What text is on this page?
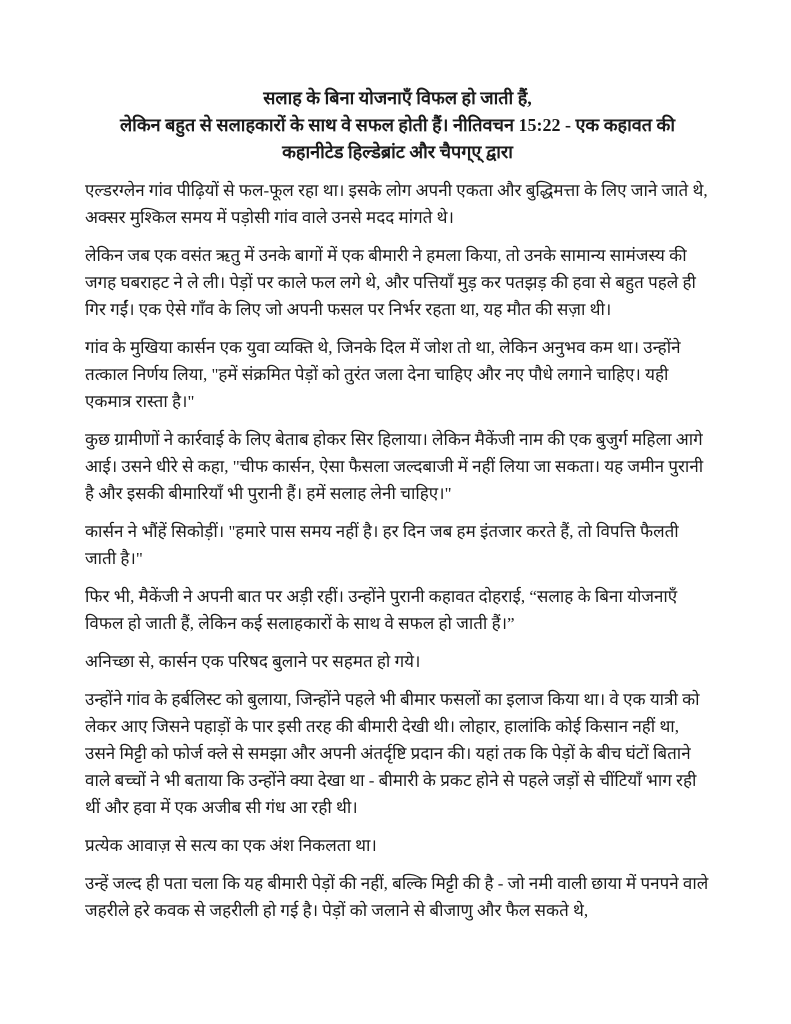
सलाह के बिना योजनाएँ विफल हो जाती हैं,
लेकिन बहुत से सलाहकारों के साथ वे सफल होती हैं। नीतिवचन 15:22 - एक कहावत की
कहानीटेड हिल्डेब्रांट और चैपग्ए् द्वारा

एल्डरग्लेन गांव पीढ़ियों से फल-फूल रहा था। इसके लोग अपनी एकता और बुद्धिमत्ता के लिए जाने जाते थे, अक्सर मुश्किल समय में पड़ोसी गांव वाले उनसे मदद मांगते थे।

लेकिन जब एक वसंत ऋतु में उनके बागों में एक बीमारी ने हमला किया, तो उनके सामान्य सामंजस्य की जगह घबराहट ने ले ली। पेड़ों पर काले फल लगे थे, और पत्तियाँ मुड़ कर पतझड़ की हवा से बहुत पहले ही गिर गईं। एक ऐसे गाँव के लिए जो अपनी फसल पर निर्भर रहता था, यह मौत की सज़ा थी।

गांव के मुखिया कार्सन एक युवा व्यक्ति थे, जिनके दिल में जोश तो था, लेकिन अनुभव कम था। उन्होंने तत्काल निर्णय लिया, "हमें संक्रमित पेड़ों को तुरंत जला देना चाहिए और नए पौधे लगाने चाहिए। यही एकमात्र रास्ता है।"

कुछ ग्रामीणों ने कार्रवाई के लिए बेताब होकर सिर हिलाया। लेकिन मैकेंजी नाम की एक बुजुर्ग महिला आगे आई। उसने धीरे से कहा, "चीफ कार्सन, ऐसा फैसला जल्दबाजी में नहीं लिया जा सकता। यह जमीन पुरानी है और इसकी बीमारियाँ भी पुरानी हैं। हमें सलाह लेनी चाहिए।"

कार्सन ने भौंहें सिकोड़ीं। "हमारे पास समय नहीं है। हर दिन जब हम इंतजार करते हैं, तो विपत्ति फैलती जाती है।"

फिर भी, मैकेंजी ने अपनी बात पर अड़ी रहीं। उन्होंने पुरानी कहावत दोहराई, “सलाह के बिना योजनाएँ विफल हो जाती हैं, लेकिन कई सलाहकारों के साथ वे सफल हो जाती हैं।”

अनिच्छा से, कार्सन एक परिषद बुलाने पर सहमत हो गये।

उन्होंने गांव के हर्बलिस्ट को बुलाया, जिन्होंने पहले भी बीमार फसलों का इलाज किया था। वे एक यात्री को लेकर आए जिसने पहाड़ों के पार इसी तरह की बीमारी देखी थी। लोहार, हालांकि कोई किसान नहीं था, उसने मिट्टी को फोर्ज क्ले से समझा और अपनी अंतर्दृष्टि प्रदान की। यहां तक कि पेड़ों के बीच घंटों बिताने वाले बच्चों ने भी बताया कि उन्होंने क्या देखा था - बीमारी के प्रकट होने से पहले जड़ों से चींटियाँ भाग रही थीं और हवा में एक अजीब सी गंध आ रही थी।

प्रत्येक आवाज़ से सत्य का एक अंश निकलता था।

उन्हें जल्द ही पता चला कि यह बीमारी पेड़ों की नहीं, बल्कि मिट्टी की है - जो नमी वाली छाया में पनपने वाले जहरीले हरे कवक से जहरीली हो गई है। पेड़ों को जलाने से बीजाणु और फैल सकते थे,
